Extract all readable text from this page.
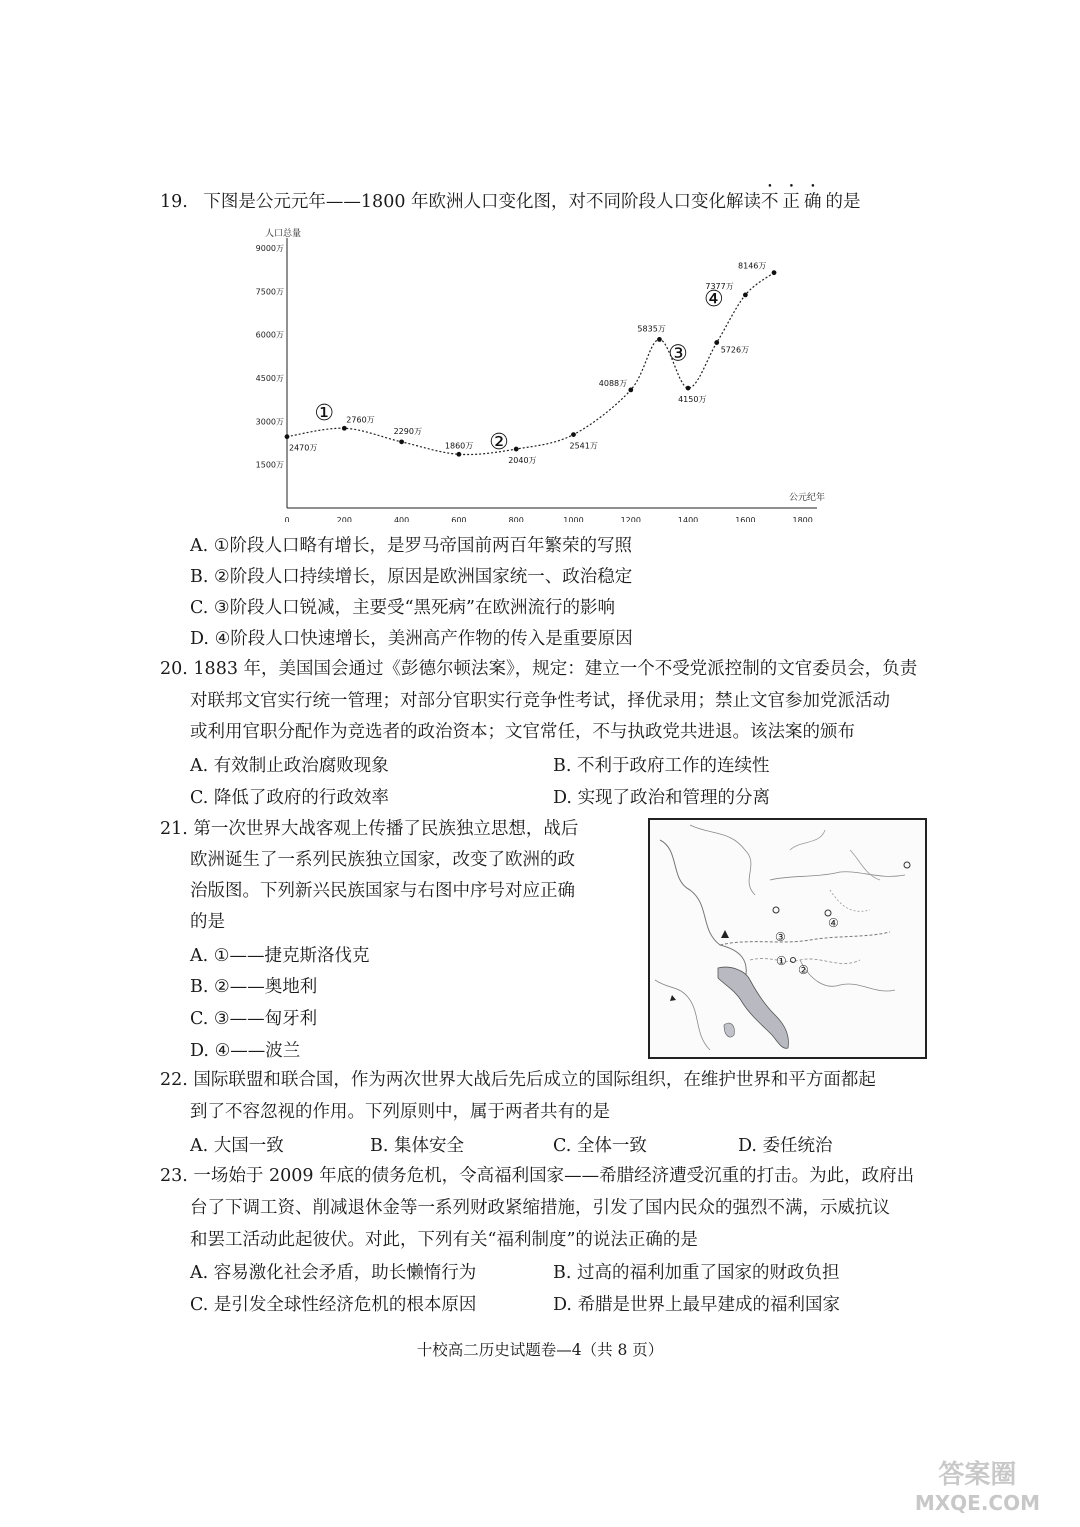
19. 下图是公元元年——1800 年欧洲人口变化图，对不同阶段人口变化解读不正确的是
人口总量
公元纪年
1500万
3000万
4500万
6000万
7500万
9000万
0	200	400	600	800	1000	1200	1400	1600	1800
2470万
2760万
2290万
1860万
2040万
2541万
4088万
5835万
4150万
5726万
7377万
8146万
①
②
③
④
A. ①阶段人口略有增长，是罗马帝国前两百年繁荣的写照
B. ②阶段人口持续增长，原因是欧洲国家统一、政治稳定
C. ③阶段人口锐减，主要受“黑死病”在欧洲流行的影响
D. ④阶段人口快速增长，美洲高产作物的传入是重要原因
20. 1883 年，美国国会通过《彭德尔顿法案》，规定：建立一个不受党派控制的文官委员会，负责
对联邦文官实行统一管理；对部分官职实行竞争性考试，择优录用；禁止文官参加党派活动
或利用官职分配作为竞选者的政治资本；文官常任，不与执政党共进退。该法案的颁布
A. 有效制止政治腐败现象	B. 不利于政府工作的连续性
C. 降低了政府的行政效率	D. 实现了政治和管理的分离
21. 第一次世界大战客观上传播了民族独立思想，战后
欧洲诞生了一系列民族独立国家，改变了欧洲的政
治版图。下列新兴民族国家与右图中序号对应正确
的是
A. ①——捷克斯洛伐克
B. ②——奥地利
C. ③——匈牙利
D. ④——波兰
③
④
①
②
22. 国际联盟和联合国，作为两次世界大战后先后成立的国际组织，在维护世界和平方面都起
到了不容忽视的作用。下列原则中，属于两者共有的是
A. 大国一致	B. 集体安全	C. 全体一致	D. 委任统治
23. 一场始于 2009 年底的债务危机，令高福利国家——希腊经济遭受沉重的打击。为此，政府出
台了下调工资、削减退休金等一系列财政紧缩措施，引发了国内民众的强烈不满，示威抗议
和罢工活动此起彼伏。对此，下列有关“福利制度”的说法正确的是
A. 容易激化社会矛盾，助长懒惰行为	B. 过高的福利加重了国家的财政负担
C. 是引发全球性经济危机的根本原因	D. 希腊是世界上最早建成的福利国家
十校高二历史试题卷—4（共 8 页）
答案圈
MXQE.COM
